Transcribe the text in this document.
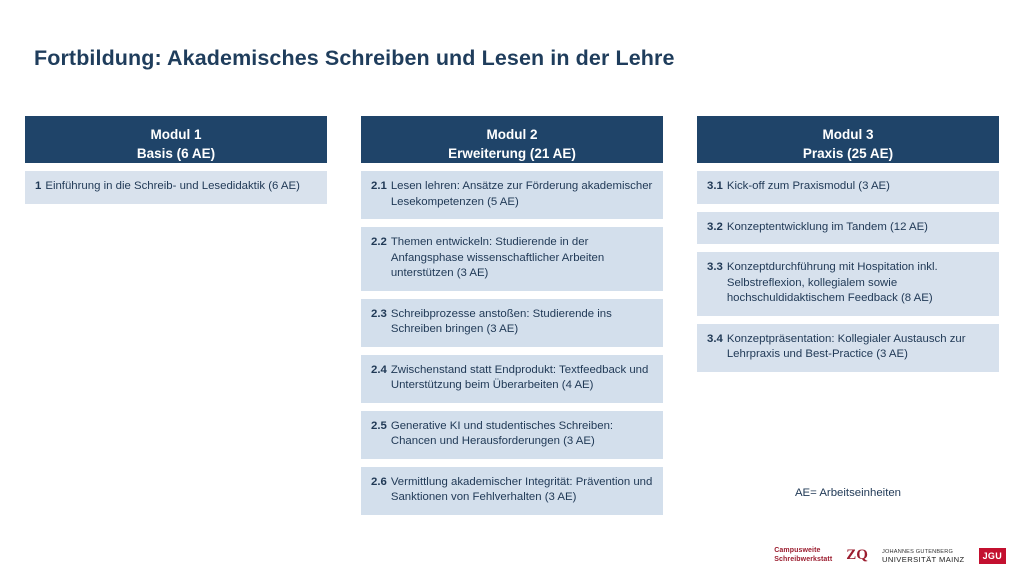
Fortbildung: Akademisches Schreiben und Lesen in der Lehre
Modul 1
Basis (6 AE)
1 Einführung in die Schreib- und Lesedidaktik (6 AE)
Modul 2
Erweiterung (21 AE)
2.1 Lesen lehren: Ansätze zur Förderung akademischer Lesekompetenzen (5 AE)
2.2 Themen entwickeln: Studierende in der Anfangsphase wissenschaftlicher Arbeiten unterstützen (3 AE)
2.3 Schreibprozesse anstoßen: Studierende ins Schreiben bringen (3 AE)
2.4 Zwischenstand statt Endprodukt: Textfeedback und Unterstützung beim Überarbeiten (4 AE)
2.5 Generative KI und studentisches Schreiben: Chancen und Herausforderungen (3 AE)
2.6 Vermittlung akademischer Integrität: Prävention und Sanktionen von Fehlverhalten (3 AE)
Modul 3
Praxis (25 AE)
3.1 Kick-off zum Praxismodul (3 AE)
3.2 Konzeptentwicklung im Tandem (12 AE)
3.3 Konzeptdurchführung mit Hospitation inkl. Selbstreflexion, kollegialem sowie hochschuldidaktischem Feedback (8 AE)
3.4 Konzeptpräsentation: Kollegialer Austausch zur Lehrpraxis und Best-Practice (3 AE)
AE= Arbeitseinheiten
Campusweite
Schreibwerkstatt ZQ	JOHANNES GUTENBERG
UNIVERSITÄT MAINZ	JGU
